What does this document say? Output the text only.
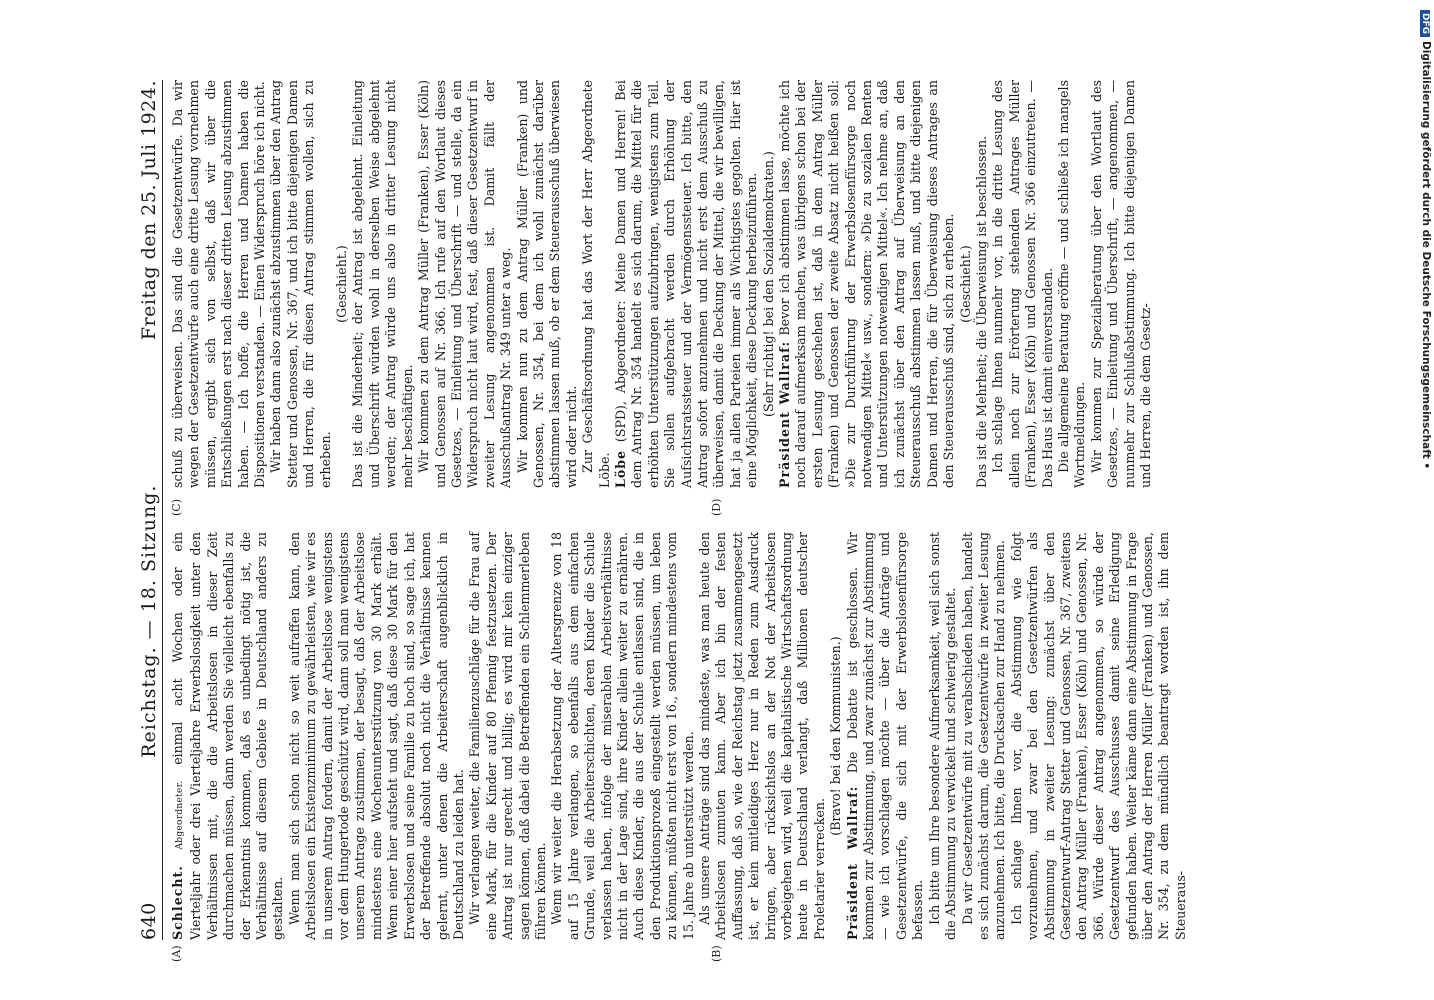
640
Reichstag. — 18. Sitzung.
Freitag den 25. Juli 1924.
(A)	(B)
(C)	(D)

Schlecht. Abgeordneter. einmal acht Wochen oder ein Vierteljahr oder drei Vierteljahre Erwerbslosigkeit unter den Verhältnissen mit, die die Arbeitslosen in dieser Zeit durchmachen müssen, dann werden Sie vielleicht ebenfalls zu der Erkenntnis kommen, daß es unbedingt nötig ist, die Verhältnisse auf diesem Gebiete in Deutschland anders zu gestalten. Wenn man sich schon nicht so weit aufraffen kann, den Arbeitslosen ein Existenzminimum zu gewährleisten, wie wir es in unserem Antrag fordern, damit der Arbeitslose wenigstens vor dem Hungertode geschützt wird, dann soll man wenigstens unserem Antrage zustimmen, der besagt, daß der Arbeitslose mindestens eine Wochenunterstützung von 30 Mark erhält. Wenn einer hier aufsteht und sagt, daß diese 30 Mark für den Erwerbslosen und seine Familie zu hoch sind, so sage ich, hat der Betreffende absolut noch nicht die Verhältnisse kennen gelernt, unter denen die Arbeiterschaft augenblicklich in Deutschland zu leiden hat. Wir verlangen weiter, die Familienzuschläge für die Frau auf eine Mark, für die Kinder auf 80 Pfennig festzusetzen. Der Antrag ist nur gerecht und billig; es wird mir kein einziger sagen können, daß dabei die Betreffenden ein Schlemmerleben führen können. Wenn wir weiter die Herabsetzung der Altersgrenze von 18 auf 15 Jahre verlangen, so ebenfalls aus dem einfachen Grunde, weil die Arbeiterschichten, deren Kinder die Schule verlassen haben, infolge der miserablen Arbeitsverhältnisse nicht in der Lage sind, ihre Kinder allein weiter zu ernähren. Auch diese Kinder, die aus der Schule entlassen sind, die in den Produktionsprozeß eingestellt werden müssen, um leben zu können, müßten nicht erst von 16., sondern mindestens vom 15. Jahre ab unterstützt werden. Als unsere Anträge sind das mindeste, was man heute den Arbeitslosen zumuten kann. Aber ich bin der festen Auffassung, daß so, wie der Reichstag jetzt zusammengesetzt ist, er kein mitleidiges Herz nur in Reden zum Ausdruck bringen, aber rücksichtslos an der Not der Arbeitslosen vorbeigehen wird, weil die kapitalistische Wirtschaftsordnung heute in Deutschland verlangt, daß Millionen deutscher Proletarier verrecken.

(Bravo! bei den Kommunisten.)

Präsident Wallraf: Die Debatte ist geschlossen. Wir kommen zur Abstimmung, und zwar zunächst zur Abstimmung — wie ich vorschlagen möchte — über die Anträge und Gesetzentwürfe, die sich mit der Erwerbslosenfürsorge befassen. Ich bitte um Ihre besondere Aufmerksamkeit, weil sich sonst die Abstimmung zu verwickelt und schwierig gestaltet. Da wir Gesetzentwürfe mit zu verabschieden haben, handelt es sich zunächst darum, die Gesetzentwürfe in zweiter Lesung anzunehmen. Ich bitte, die Drucksachen zur Hand zu nehmen. Ich schlage Ihnen vor, die Abstimmung wie folgt vorzunehmen, und zwar bei den Gesetzentwürfen als Abstimmung in zweiter Lesung: zunächst über den Gesetzentwurf-Antrag Stetter und Genossen, Nr. 367, zweitens den Antrag Müller (Franken), Esser (Köln) und Genossen, Nr. 366. Würde dieser Antrag angenommen, so würde der Gesetzentwurf des Ausschusses damit seine Erledigung gefunden haben. Weiter käme dann eine Abstimmung in Frage über den Antrag der Herren Müller (Franken) und Genossen, Nr. 354, zu dem mündlich beantragt worden ist, ihn dem Steueraus-

schuß zu überweisen. Das sind die Gesetzentwürfe. Da wir wegen der Gesetzentwürfe auch eine dritte Lesung vornehmen müssen, ergibt sich von selbst, daß wir über die Entschließungen erst nach dieser dritten Lesung abzustimmen haben. — Ich hoffe, die Herren und Damen haben die Dispositionen verstanden. — Einen Widerspruch höre ich nicht. Wir haben dann also zunächst abzustimmen über den Antrag Stetter und Genossen, Nr. 367, und ich bitte diejenigen Damen und Herren, die für diesen Antrag stimmen wollen, sich zu erheben.

(Geschieht.) Das ist die Minderheit; der Antrag ist abgelehnt. Einleitung und Überschrift würden wohl in derselben Weise abgelehnt werden; der Antrag würde uns also in dritter Lesung nicht mehr beschäftigen. Wir kommen zu dem Antrag Müller (Franken), Esser (Köln) und Genossen auf Nr. 366. Ich rufe auf den Wortlaut dieses Gesetzes, — Einleitung und Überschrift — und stelle, da ein Widerspruch nicht laut wird, fest, daß dieser Gesetzentwurf in zweiter Lesung angenommen ist. Damit fällt der Ausschußantrag Nr. 349 unter a weg. Wir kommen nun zu dem Antrag Müller (Franken) und Genossen, Nr. 354, bei dem ich wohl zunächst darüber abstimmen lassen muß, ob er dem Steuerausschuß überwiesen wird oder nicht. Zur Geschäftsordnung hat das Wort der Herr Abgeordnete Löbe. Löbe (SPD), Abgeordneter: Meine Damen und Herren! Bei dem Antrag Nr. 354 handelt es sich darum, die Mittel für die erhöhten Unterstützungen aufzubringen, wenigstens zum Teil. Sie sollen aufgebracht werden durch Erhöhung der Aufsichtsratssteuer und der Vermögenssteuer. Ich bitte, den Antrag sofort anzunehmen und nicht erst dem Ausschuß zu überweisen, damit die Deckung der Mittel, die wir bewilligen, hat ja allen Parteien immer als Wichtigstes gegolten. Hier ist eine Möglichkeit, diese Deckung herbeizuführen. (Sehr richtig! bei den Sozialdemokraten.) Präsident Wallraf: Bevor ich abstimmen lasse, möchte ich noch darauf aufmerksam machen, was übrigens schon bei der ersten Lesung geschehen ist, daß in dem Antrag Müller (Franken) und Genossen der zweite Absatz nicht heißen soll: »Die zur Durchführung der Erwerbslosenfürsorge noch notwendigen Mittel« usw., sondern: »Die zu sozialen Renten und Unterstützungen notwendigen Mittel«. Ich nehme an, daß ich zunächst über den Antrag auf Überweisung an den Steuerausschuß abstimmen lassen muß, und bitte diejenigen Damen und Herren, die für Überweisung dieses Antrages an den Steuerausschuß sind, sich zu erheben. (Geschieht.) Das ist die Mehrheit; die Überweisung ist beschlossen. Ich schlage Ihnen nunmehr vor, in die dritte Lesung des allein noch zur Erörterung stehenden Antrages Müller (Franken), Esser (Köln) und Genossen Nr. 366 einzutreten. — Das Haus ist damit einverstanden. Die allgemeine Beratung eröffne — und schließe ich mangels Wortmeldungen. Wir kommen zur Spezialberatung über den Wortlaut des Gesetzes, — Einleitung und Überschrift, — angenommen, — nunmehr zur Schlußabstimmung. Ich bitte diejenigen Damen und Herren, die dem Gesetz-

DFGDigitalisierung gefördert durch die Deutsche Forschungsgemeinschaft •
